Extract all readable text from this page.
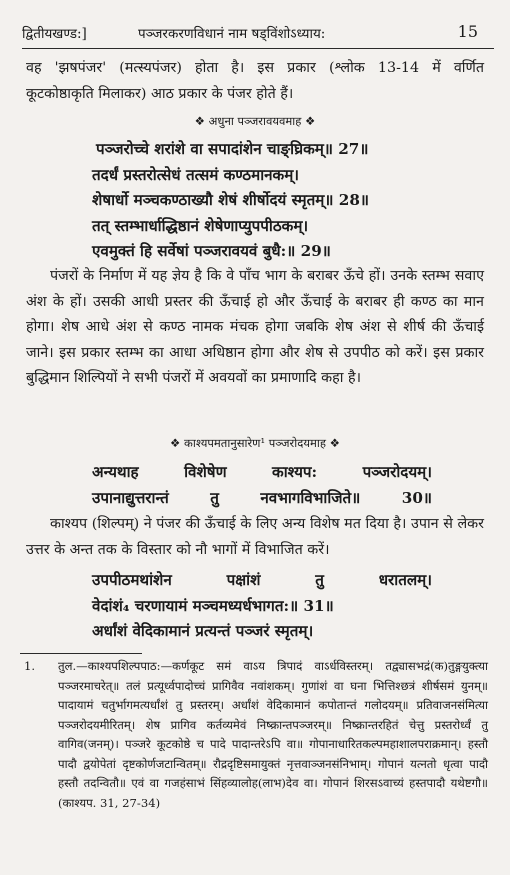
द्वितीयखण्ड:]	पञ्जरकरणविधानं नाम षड्विंशोऽध्याय:	15

वह 'झषपंजर' (मत्स्यपंजर) होता है। इस प्रकार (श्लोक 13-14 में वर्णित

कूटकोष्ठाकृति मिलाकर) आठ प्रकार के पंजर होते हैं।

❖ अधुना पञ्जरावयवमाह ❖
पञ्जरोच्चे शरांशे वा सपादांशेन चाङ्घ्रिकम्॥ 27॥
तदर्धं प्रस्तरोत्सेधं तत्समं कण्ठमानकम्।
शेषार्धो मञ्चकण्ठाख्यौ शेषं शीर्षोदयं स्मृतम्॥ 28॥
तत् स्तम्भार्धाद्धिष्ठानं शेषेणाप्युपपीठकम्।
एवमुक्तं हि सर्वेषां पञ्जरावयवं बुधै:॥ 29॥
पंजरों के निर्माण में यह ज्ञेय है कि वे पाँच भाग के बराबर ऊँचे हों। उनके स्तम्भ सवाए अंश के हों। उसकी आधी प्रस्तर की ऊँचाई हो और ऊँचाई के बराबर ही कण्ठ का मान होगा। शेष आधे अंश से कण्ठ नामक मंचक होगा जबकि शेष अंश से शीर्ष की ऊँचाई जाने। इस प्रकार स्तम्भ का आधा अधिष्ठान होगा और शेष से उपपीठ को करें। इस प्रकार बुद्धिमान शिल्पियों ने सभी पंजरों में अवयवों का प्रमाणादि कहा है।
❖ काश्यपमतानुसारेण¹ पञ्जरोदयमाह ❖
अन्यथाह विशेषेण काश्यप: पञ्जरोदयम्।
उपानाद्युत्तरान्तं तु नवभागविभाजिते॥ 30॥
काश्यप (शिल्पम्) ने पंजर की ऊँचाई के लिए अन्य विशेष मत दिया है। उपान से लेकर उत्तर के अन्त तक के विस्तार को नौ भागों में विभाजित करें।
उपपीठमथांशेन पक्षांशं तु धरातलम्।
वेदांशं₄ चरणायामं मञ्चमध्यर्धभागत:॥ 31॥
अर्धांशं वेदिकामानं प्रत्यन्तं पञ्जरं स्मृतम्।
1. तुल.—काश्यपशिल्पपाठ:—कर्णकूट समं वाऽय त्रिपादं वाऽर्धविस्तरम्। तद्व्यासभद्रं(क)तुङ्गयुक्त्या पञ्जरमाचरेत्॥ तलं प्रत्यूर्ध्वपादोच्चं प्रागिवैव नवांशकम्। गुणांशं वा घना भित्तिश्छत्रं शीर्षसमं युनम्॥ पादायामं चतुर्भागमत्यर्धांशं तु प्रस्तरम्। अर्धांशं वेदिकामानं कपोतान्तं गलोदयम्॥ प्रतिवाजनसंमित्या पञ्जरोदयमीरितम्। शेष प्रागिव कर्तव्यमेवं निष्क्रान्तपञ्जरम्॥ निष्क्रान्तरहितं चेत्तु प्रस्तरोर्ध्वं तु वागिव(जनम्)। पञ्जरे कूटकोष्ठे च पादे पादान्तरेऽपि वा॥ गोपानाधारितकल्पमहाशालपराक्रमान्। हस्तौ पादौ द्वयोपेतां दृष्टकोर्णजटान्वितम्॥ रौद्रदृष्टिसमायुक्तं नृत्तवाञ्जनसंनिभाम्। गोपानं यत्नतो धृत्वा पादौ हस्तौ तदन्वितौ॥ एवं वा गजहंसाभं सिंहव्यालोह(लाभ)देव वा। गोपानं शिरसऽवाच्यं हस्तपादौ यथेष्टगौ॥ (काश्यप. 31, 27-34)
